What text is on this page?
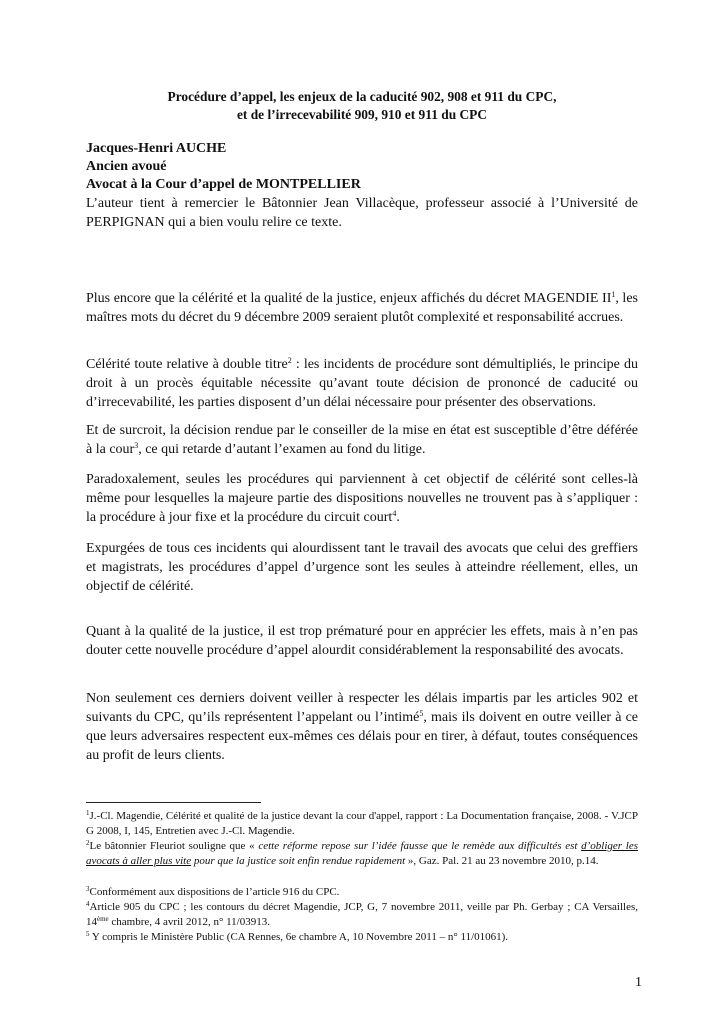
Procédure d’appel, les enjeux de la caducité 902, 908 et 911 du CPC,
et de l’irrecevabilité 909, 910 et 911 du CPC
Jacques-Henri AUCHE
Ancien avoué
Avocat à la Cour d’appel de MONTPELLIER
L’auteur tient à remercier le Bâtonnier Jean Villacèque, professeur associé à l’Université de PERPIGNAN qui a bien voulu relire ce texte.
Plus encore que la célérité et la qualité de la justice, enjeux affichés du décret MAGENDIE $II^1$, les maîtres mots du décret du 9 décembre 2009 seraient plutôt complexité et responsabilité accrues.
Célérité toute relative à double titre$^2$ : les incidents de procédure sont démultipliés, le principe du droit à un procès équitable nécessite qu’avant toute décision de prononcé de caducité ou d’irrecevabilité, les parties disposent d’un délai nécessaire pour présenter des observations.
Et de surcroit, la décision rendue par le conseiller de la mise en état est susceptible d’être déférée à la cour$^3$, ce qui retarde d’autant l’examen au fond du litige.
Paradoxalement, seules les procédures qui parviennent à cet objectif de célérité sont celles-là même pour lesquelles la majeure partie des dispositions nouvelles ne trouvent pas à s’appliquer : la procédure à jour fixe et la procédure du circuit court$^4$.
Expurgées de tous ces incidents qui alourdissent tant le travail des avocats que celui des greffiers et magistrats, les procédures d’appel d’urgence sont les seules à atteindre réellement, elles, un objectif de célérité.
Quant à la qualité de la justice, il est trop prématuré pour en apprécier les effets, mais à n’en pas douter cette nouvelle procédure d’appel alourdit considérablement la responsabilité des avocats.
Non seulement ces derniers doivent veiller à respecter les délais impartis par les articles 902 et suivants du CPC, qu’ils représentent l’appelant ou l’intimé$^5$, mais ils doivent en outre veiller à ce que leurs adversaires respectent eux-mêmes ces délais pour en tirer, à défaut, toutes conséquences au profit de leurs clients.
$^1$J.-Cl. Magendie, Célérité et qualité de la justice devant la cour d'appel, rapport : La Documentation française, 2008. - V.JCP G 2008, I, 145, Entretien avec J.-Cl. Magendie.
$^2$Le bâtonnier Fleuriot souligne que « cette réforme repose sur l’idée fausse que le remède aux difficultés est d’obliger les avocats à aller plus vite pour que la justice soit enfin rendue rapidement », Gaz. Pal. 21 au 23 novembre 2010, p.14.
$^3$Conformément aux dispositions de l’article 916 du CPC.
$^4$Article 905 du CPC ; les contours du décret Magendie, JCP, G, 7 novembre 2011, veille par Ph. Gerbay ; CA Versailles, 14ème chambre, 4 avril 2012, n° 11/03913.
$^5$ Y compris le Ministère Public (CA Rennes, 6e chambre A, 10 Novembre 2011 – n° 11/01061).
1
